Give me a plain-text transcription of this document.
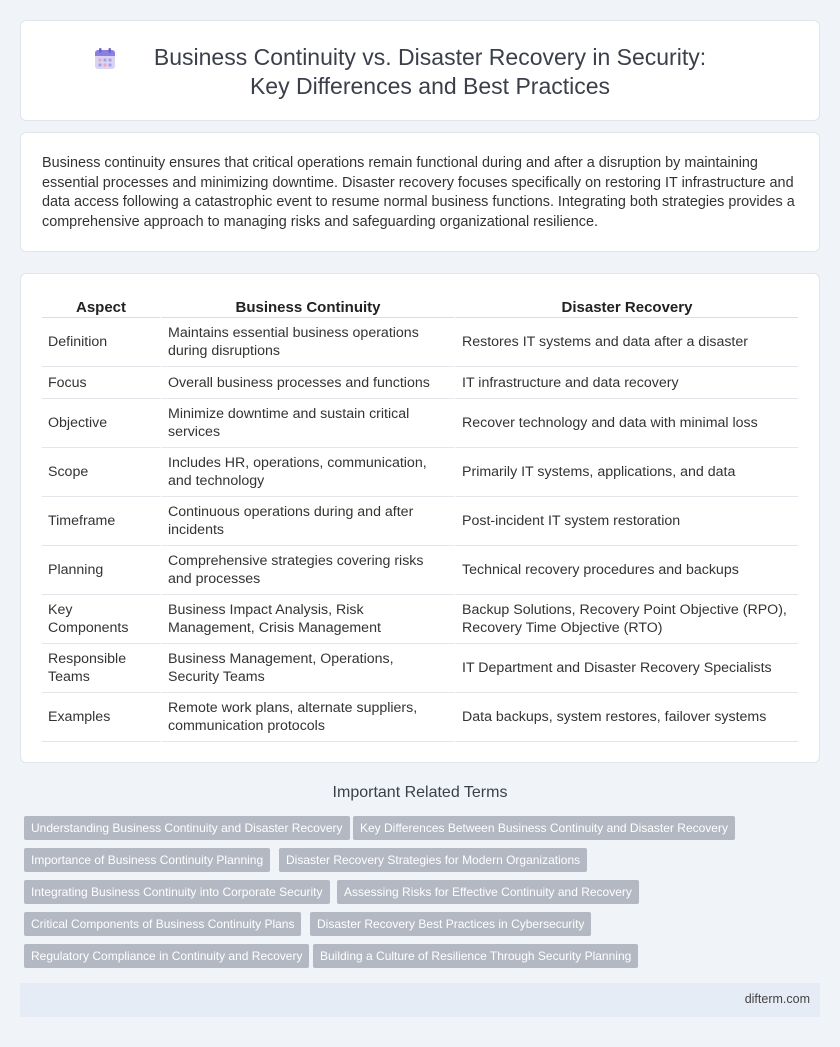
Business Continuity vs. Disaster Recovery in Security: Key Differences and Best Practices

Business continuity ensures that critical operations remain functional during and after a disruption by maintaining essential processes and minimizing downtime. Disaster recovery focuses specifically on restoring IT infrastructure and data access following a catastrophic event to resume normal business functions. Integrating both strategies provides a comprehensive approach to managing risks and safeguarding organizational resilience.

Aspect	Business Continuity	Disaster Recovery
Definition	Maintains essential business operations during disruptions	Restores IT systems and data after a disaster
Focus	Overall business processes and functions	IT infrastructure and data recovery
Objective	Minimize downtime and sustain critical services	Recover technology and data with minimal loss
Scope	Includes HR, operations, communication, and technology	Primarily IT systems, applications, and data
Timeframe	Continuous operations during and after incidents	Post-incident IT system restoration
Planning	Comprehensive strategies covering risks and processes	Technical recovery procedures and backups
Key Components	Business Impact Analysis, Risk Management, Crisis Management	Backup Solutions, Recovery Point Objective (RPO), Recovery Time Objective (RTO)
Responsible Teams	Business Management, Operations, Security Teams	IT Department and Disaster Recovery Specialists
Examples	Remote work plans, alternate suppliers, communication protocols	Data backups, system restores, failover systems
Important Related Terms
Understanding Business Continuity and Disaster Recovery	Key Differences Between Business Continuity and Disaster Recovery
Importance of Business Continuity Planning	Disaster Recovery Strategies for Modern Organizations
Integrating Business Continuity into Corporate Security	Assessing Risks for Effective Continuity and Recovery
Critical Components of Business Continuity Plans	Disaster Recovery Best Practices in Cybersecurity
Regulatory Compliance in Continuity and Recovery	Building a Culture of Resilience Through Security Planning
difterm.com
